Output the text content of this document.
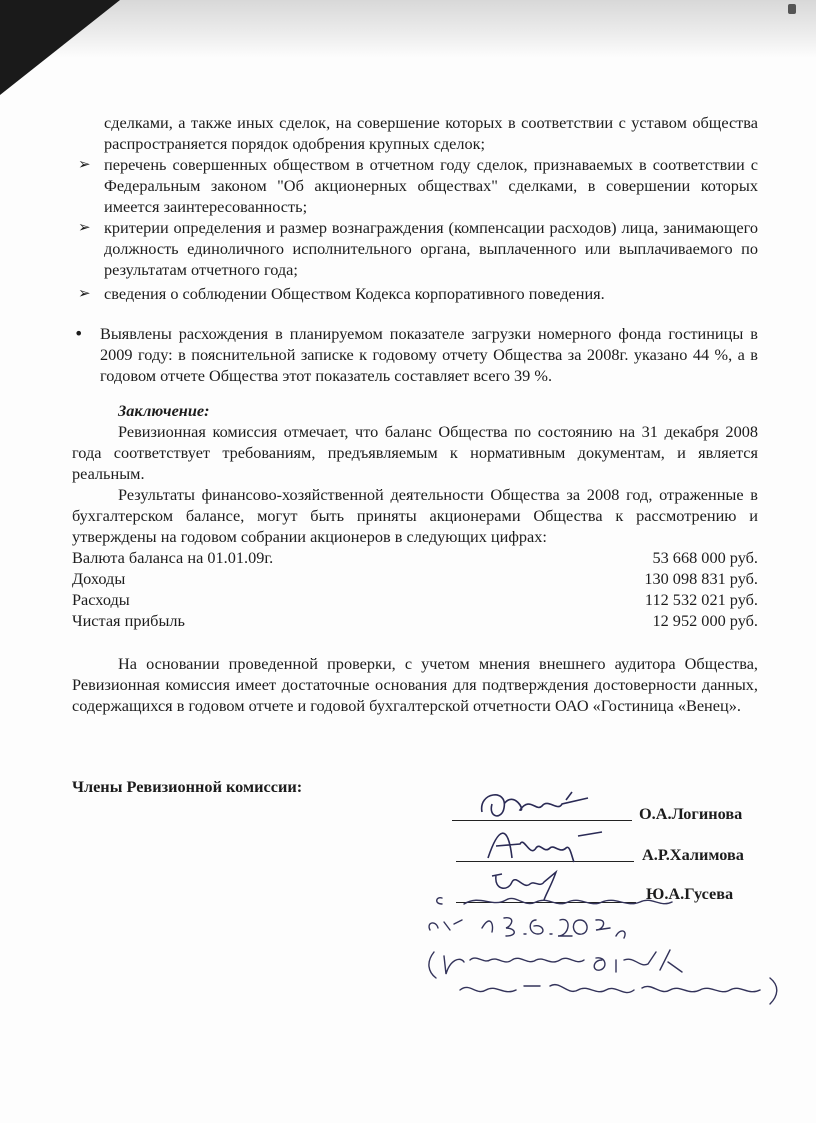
сделками, а также иных сделок, на совершение которых в соответствии с уставом общества распространяется порядок одобрения крупных сделок;
➢ перечень совершенных обществом в отчетном году сделок, признаваемых в соответствии с Федеральным законом "Об акционерных обществах" сделками, в совершении которых имеется заинтересованность;
➢ критерии определения и размер вознаграждения (компенсации расходов) лица, занимающего должность единоличного исполнительного органа, выплаченного или выплачиваемого по результатам отчетного года;
➢ сведения о соблюдении Обществом Кодекса корпоративного поведения.
• Выявлены расхождения в планируемом показателе загрузки номерного фонда гостиницы в 2009 году: в пояснительной записке к годовому отчету Общества за 2008г. указано 44 %, а в годовом отчете Общества этот показатель составляет всего 39 %.
Заключение:
Ревизионная комиссия отмечает, что баланс Общества по состоянию на 31 декабря 2008 года соответствует требованиям, предъявляемым к нормативным документам, и является реальным.
Результаты финансово-хозяйственной деятельности Общества за 2008 год, отраженные в бухгалтерском балансе, могут быть приняты акционерами Общества к рассмотрению и утверждены на годовом собрании акционеров в следующих цифрах:
Валюта баланса на 01.01.09г.	53 668 000 руб.
Доходы	130 098 831 руб.
Расходы	112 532 021 руб.
Чистая прибыль	12 952 000 руб.
На основании проведенной проверки, с учетом мнения внешнего аудитора Общества, Ревизионная комиссия имеет достаточные основания для подтверждения достоверности данных, содержащихся в годовом отчете и годовой бухгалтерской отчетности ОАО «Гостиница «Венец».
Члены Ревизионной комиссии:
О.А.Логинова
А.Р.Халимова
Ю.А.Гусева
